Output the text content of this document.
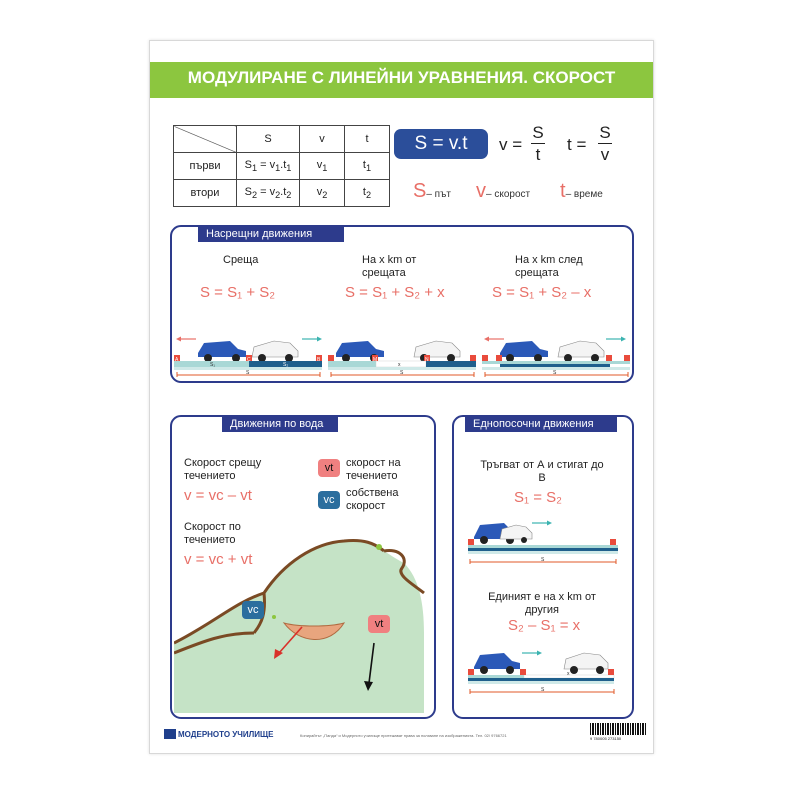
МОДУЛИРАНЕ С ЛИНЕЙНИ УРАВНЕНИЯ. СКОРОСТ
	S	v	t
първи	$S_1 = v_1.t_1$	$v_1$	$t_1$
втори	$S_2 = v_2.t_2$	$v_2$	$t_2$
S = v.t	v =
S
t
t =
S
v
S– път v– скорост t– време
Насрещни движения
Среща
S = S₁ + S₂
На x km от срещата
S = S₁ + S₂ + x
На x km след срещата
S = S₁ + S₂ – x
A	C	B
S₁	S₂
S
M	N
x
S	S
Движения по вода
Скорост срещу течението
v = vc – vt
Скорост по течението
v = vc + vt
vt	скорост на течението
vc
собствена скорост
vc
vt
Еднопосочни движения
Тръгват от А и стигат до В
S₁ = S₂
S
Единият е на x km от другия
S₂ – S₁ = x
x
S
МОДЕРНОТО УЧИЛИЩЕ	Копирайтът „Панда“ и Модерното училище притежават права за ползване на изображенията. Тел. 02/ 9766721
9 780005 273150
